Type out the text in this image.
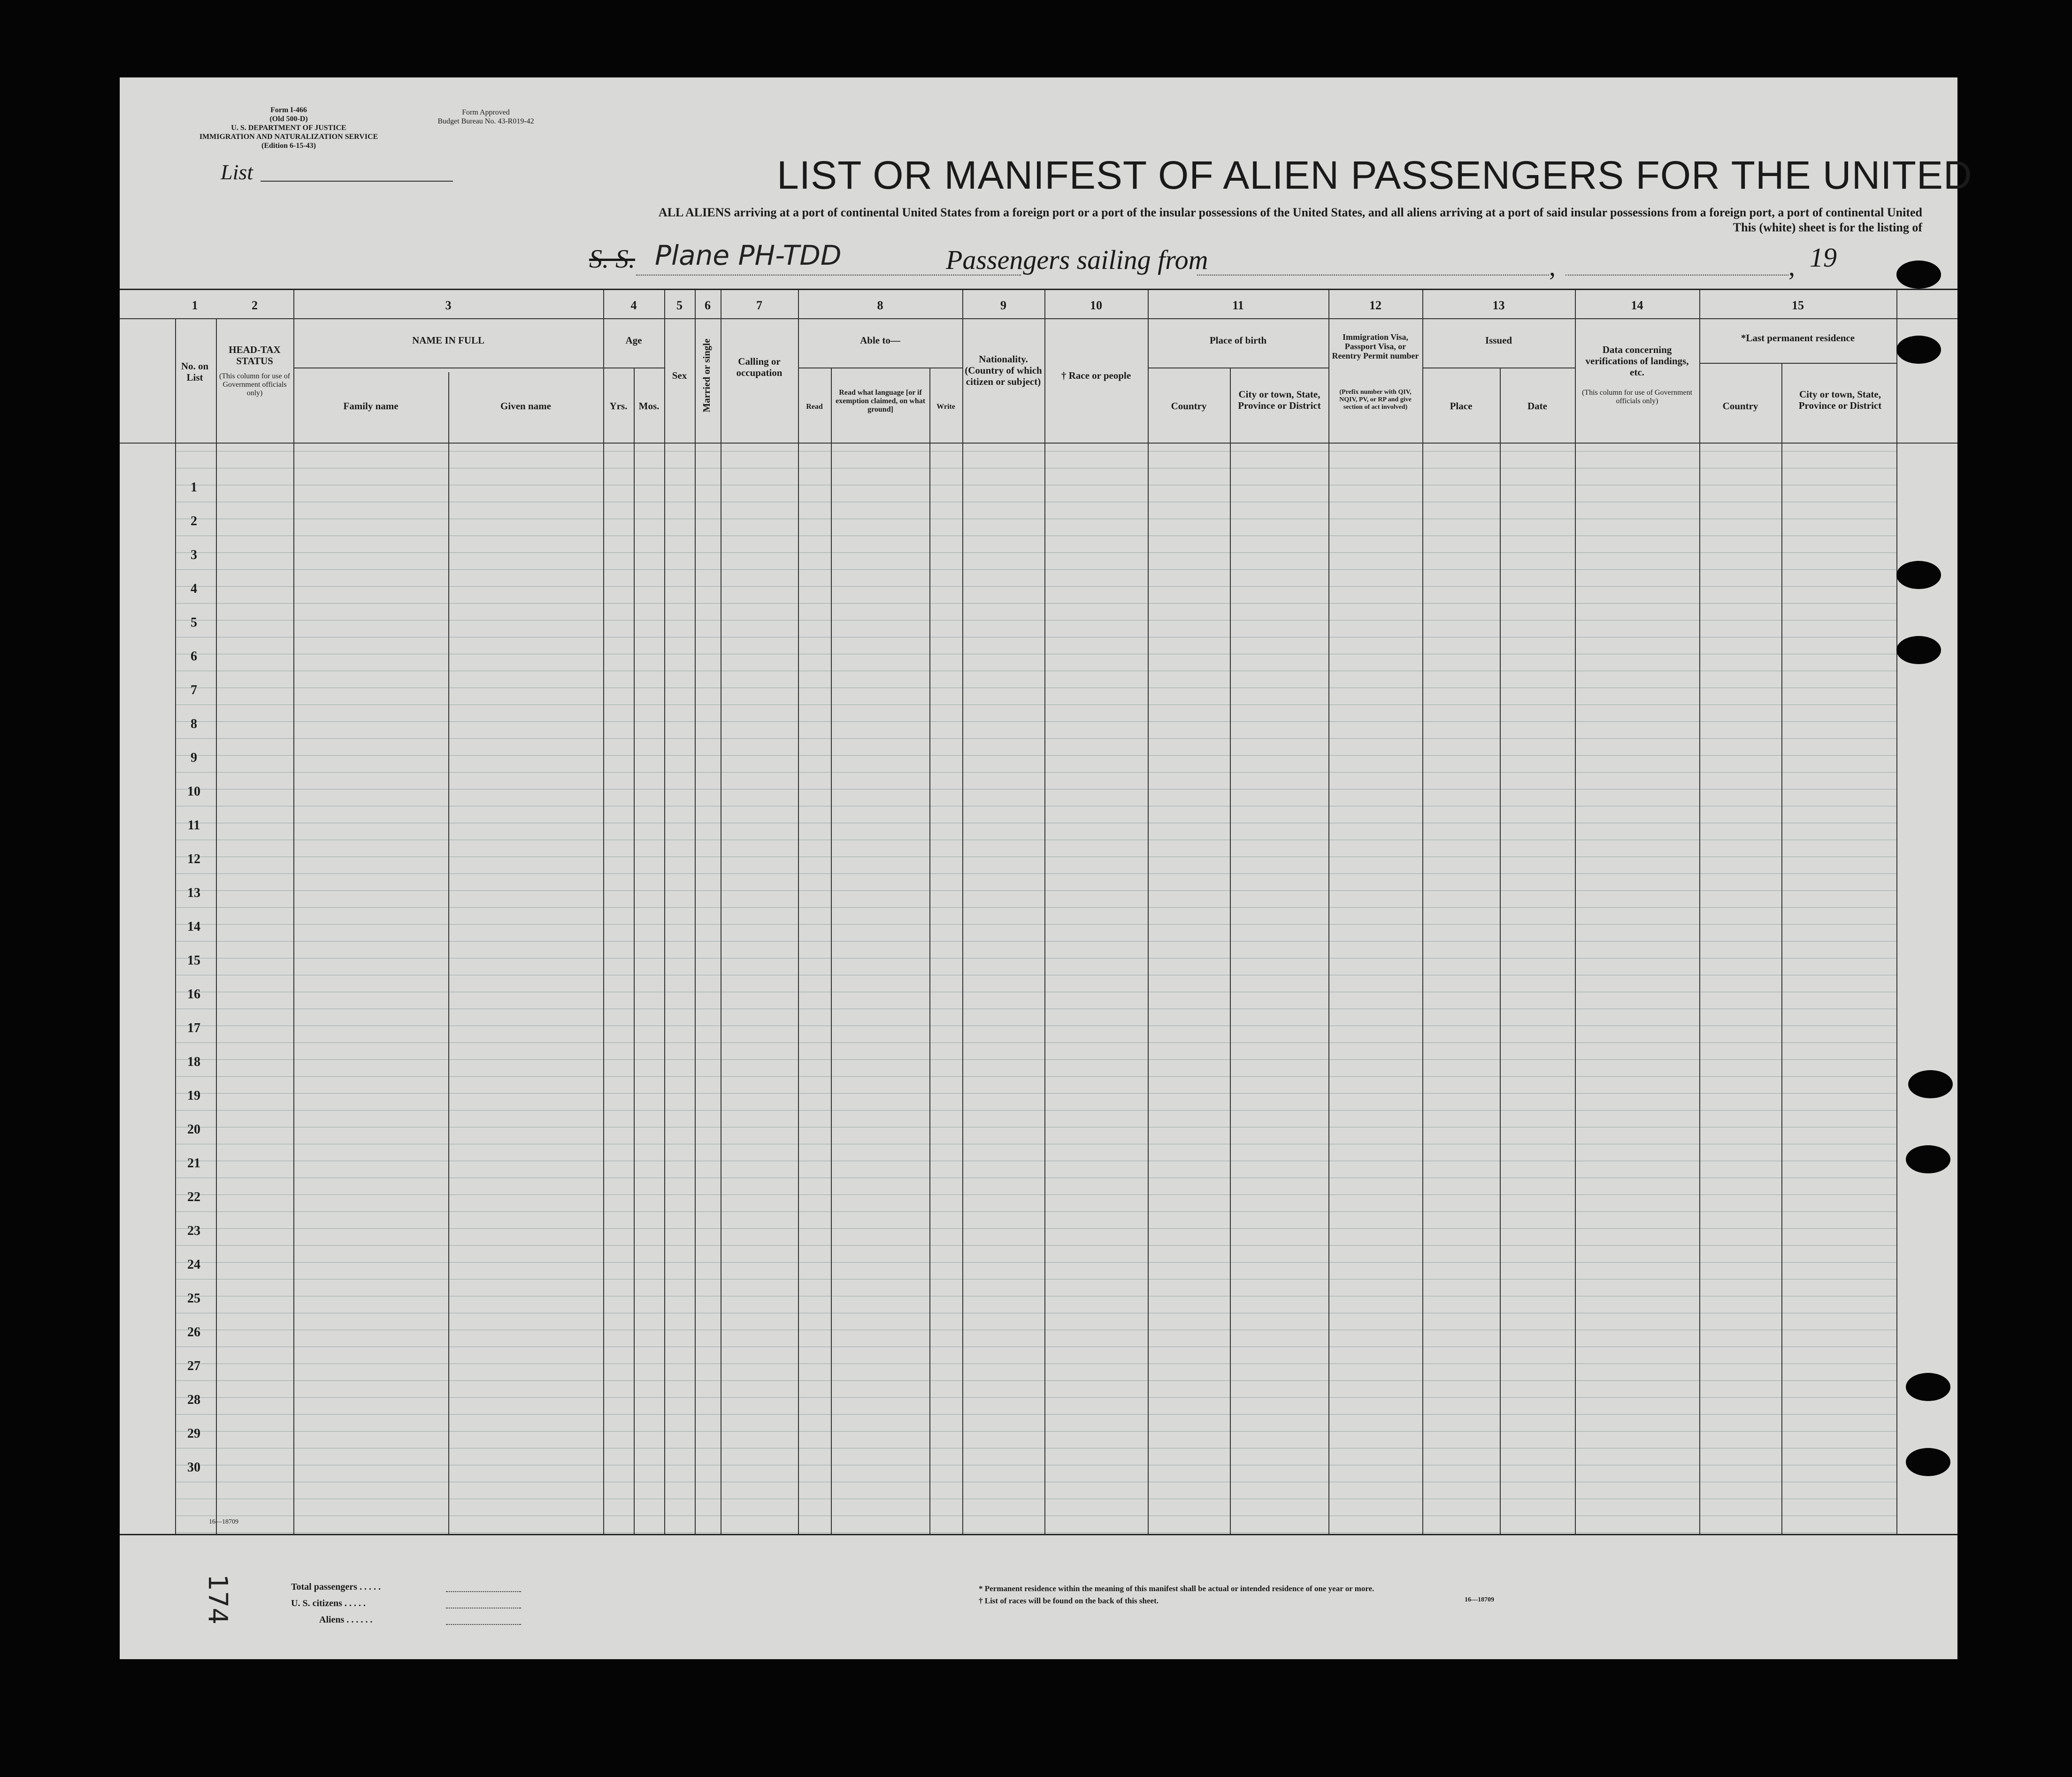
Form I-466
(Old 500-D)
U. S. DEPARTMENT OF JUSTICE
IMMIGRATION AND NATURALIZATION SERVICE
(Edition 6-15-43)
Form Approved
Budget Bureau No. 43-R019-42
List	LIST OR MANIFEST OF ALIEN PASSENGERS FOR THE UNITED
ALL ALIENS arriving at a port of continental United States from a foreign port or a port of the insular possessions of the United States, and all aliens arriving at a port of said insular possessions from a foreign port, a port of continental United
This (white) sheet is for the listing of
S. S. Plane PH-TDD	Passengers sailing from	,	, 19
1	2	3	4	5	6	7	8	9	10	11	12	13	14	15
No. on List
HEAD-TAX STATUS
(This column for use of Government officials only)
NAME IN FULL
Family name	Given name
Age
Yrs.	Mos.
Sex	Married or single	Calling or occupation
Able to—
Read
Read what language [or if exemption claimed, on what ground]	Write
Nationality. (Country of which citizen or subject)
† Race or people
Place of birth
Country
City or town, State, Province or District
Immigration Visa, Passport Visa, or Reentry Permit number
(Prefix number with QIV, NQIV, PV, or RP and give section of act involved)
Issued
Place	Date
Data concerning verifications of landings, etc.
(This column for use of Government officials only)
*Last permanent residence
Country
City or town, State, Province or District
1
2
3
4
5
6
7
8
9
10
11
12
13
14
15
16
17
18
19
20
21
22
23
24
25
26
27
28
29
30
16—18709
Total passengers . . . . .
U. S. citizens . . . . .
Aliens . . . . . .
* Permanent residence within the meaning of this manifest shall be actual or intended residence of one year or more.
† List of races will be found on the back of this sheet.	16—18709
174
